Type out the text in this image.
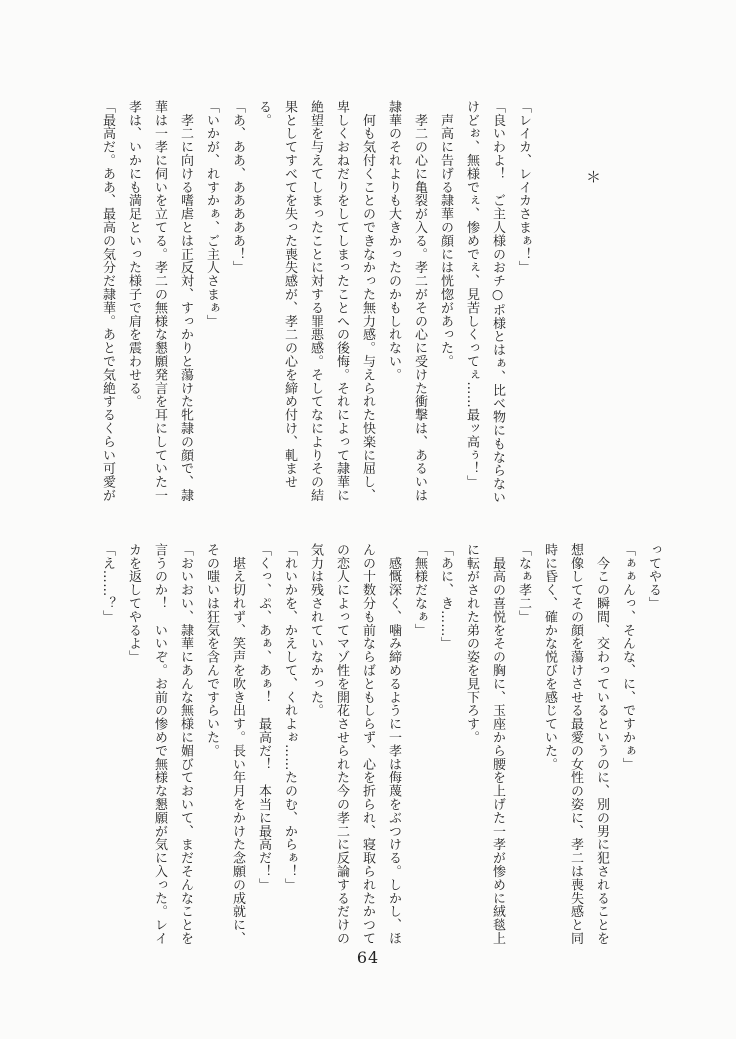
＊
「レイカ、レイカさまぁ！」
「良いわよ！　ご主人様のおチ○ポ様とはぁ、比べ物にもならない
けどぉ、無様でぇ、惨めでぇ、見苦しくってぇ……最ッ高ぅ！」
　声高に告げる隷華の顔には恍惚があった。
　孝二の心に亀裂が入る。孝二がその心に受けた衝撃は、あるいは
隷華のそれよりも大きかったのかもしれない。
　何も気付くことのできなかった無力感。与えられた快楽に屈し、
卑しくおねだりをしてしまったことへの後悔。それによって隷華に
絶望を与えてしまったことに対する罪悪感。そしてなによりその結
果としてすべてを失った喪失感が、孝二の心を締め付け、軋ませ
る。
「あ、ああ、あああああ！」
「いかが、れすかぁ、ご主人さまぁ」
　孝二に向ける嗜虐とは正反対、すっかりと蕩けた牝隷の顔で、隷
華は一孝に伺いを立てる。孝二の無様な懇願発言を耳にしていた一
孝は、いかにも満足といった様子で肩を震わせる。
「最高だ。ああ、最高の気分だ隷華。あとで気絶するくらい可愛が
ってやる」
「ぁぁんっ、そんな、に、ですかぁ」
　今この瞬間、交わっているというのに、別の男に犯されることを
想像してその顔を蕩けさせる最愛の女性の姿に、孝二は喪失感と同
時に昏く、確かな悦びを感じていた。
「なぁ孝二」
　最高の喜悦をその胸に、玉座から腰を上げた一孝が惨めに絨毯上
に転がされた弟の姿を見下ろす。
「あに、き……」
「無様だなぁ」
　感慨深く、噛み締めるように一孝は侮蔑をぶつける。しかし、ほ
んの十数分も前ならばともしらず、心を折られ、寝取られたかつて
の恋人によってマゾ性を開花させられた今の孝二に反論するだけの
気力は残されていなかった。
「れいかを、かえして、くれよぉ……たのむ、からぁ！」
「くっ、ぷ、あぁ、あぁ！　最高だ！　本当に最高だ！」
　堪え切れず、笑声を吹き出す。長い年月をかけた念願の成就に、
その嗤いは狂気を含んですらいた。
「おいおい、隷華にあんな無様に媚びておいて、まだそんなことを
言うのか！　いいぞ。お前の惨めで無様な懇願が気に入った。レイ
カを返してやるよ」
「え……？」
64
